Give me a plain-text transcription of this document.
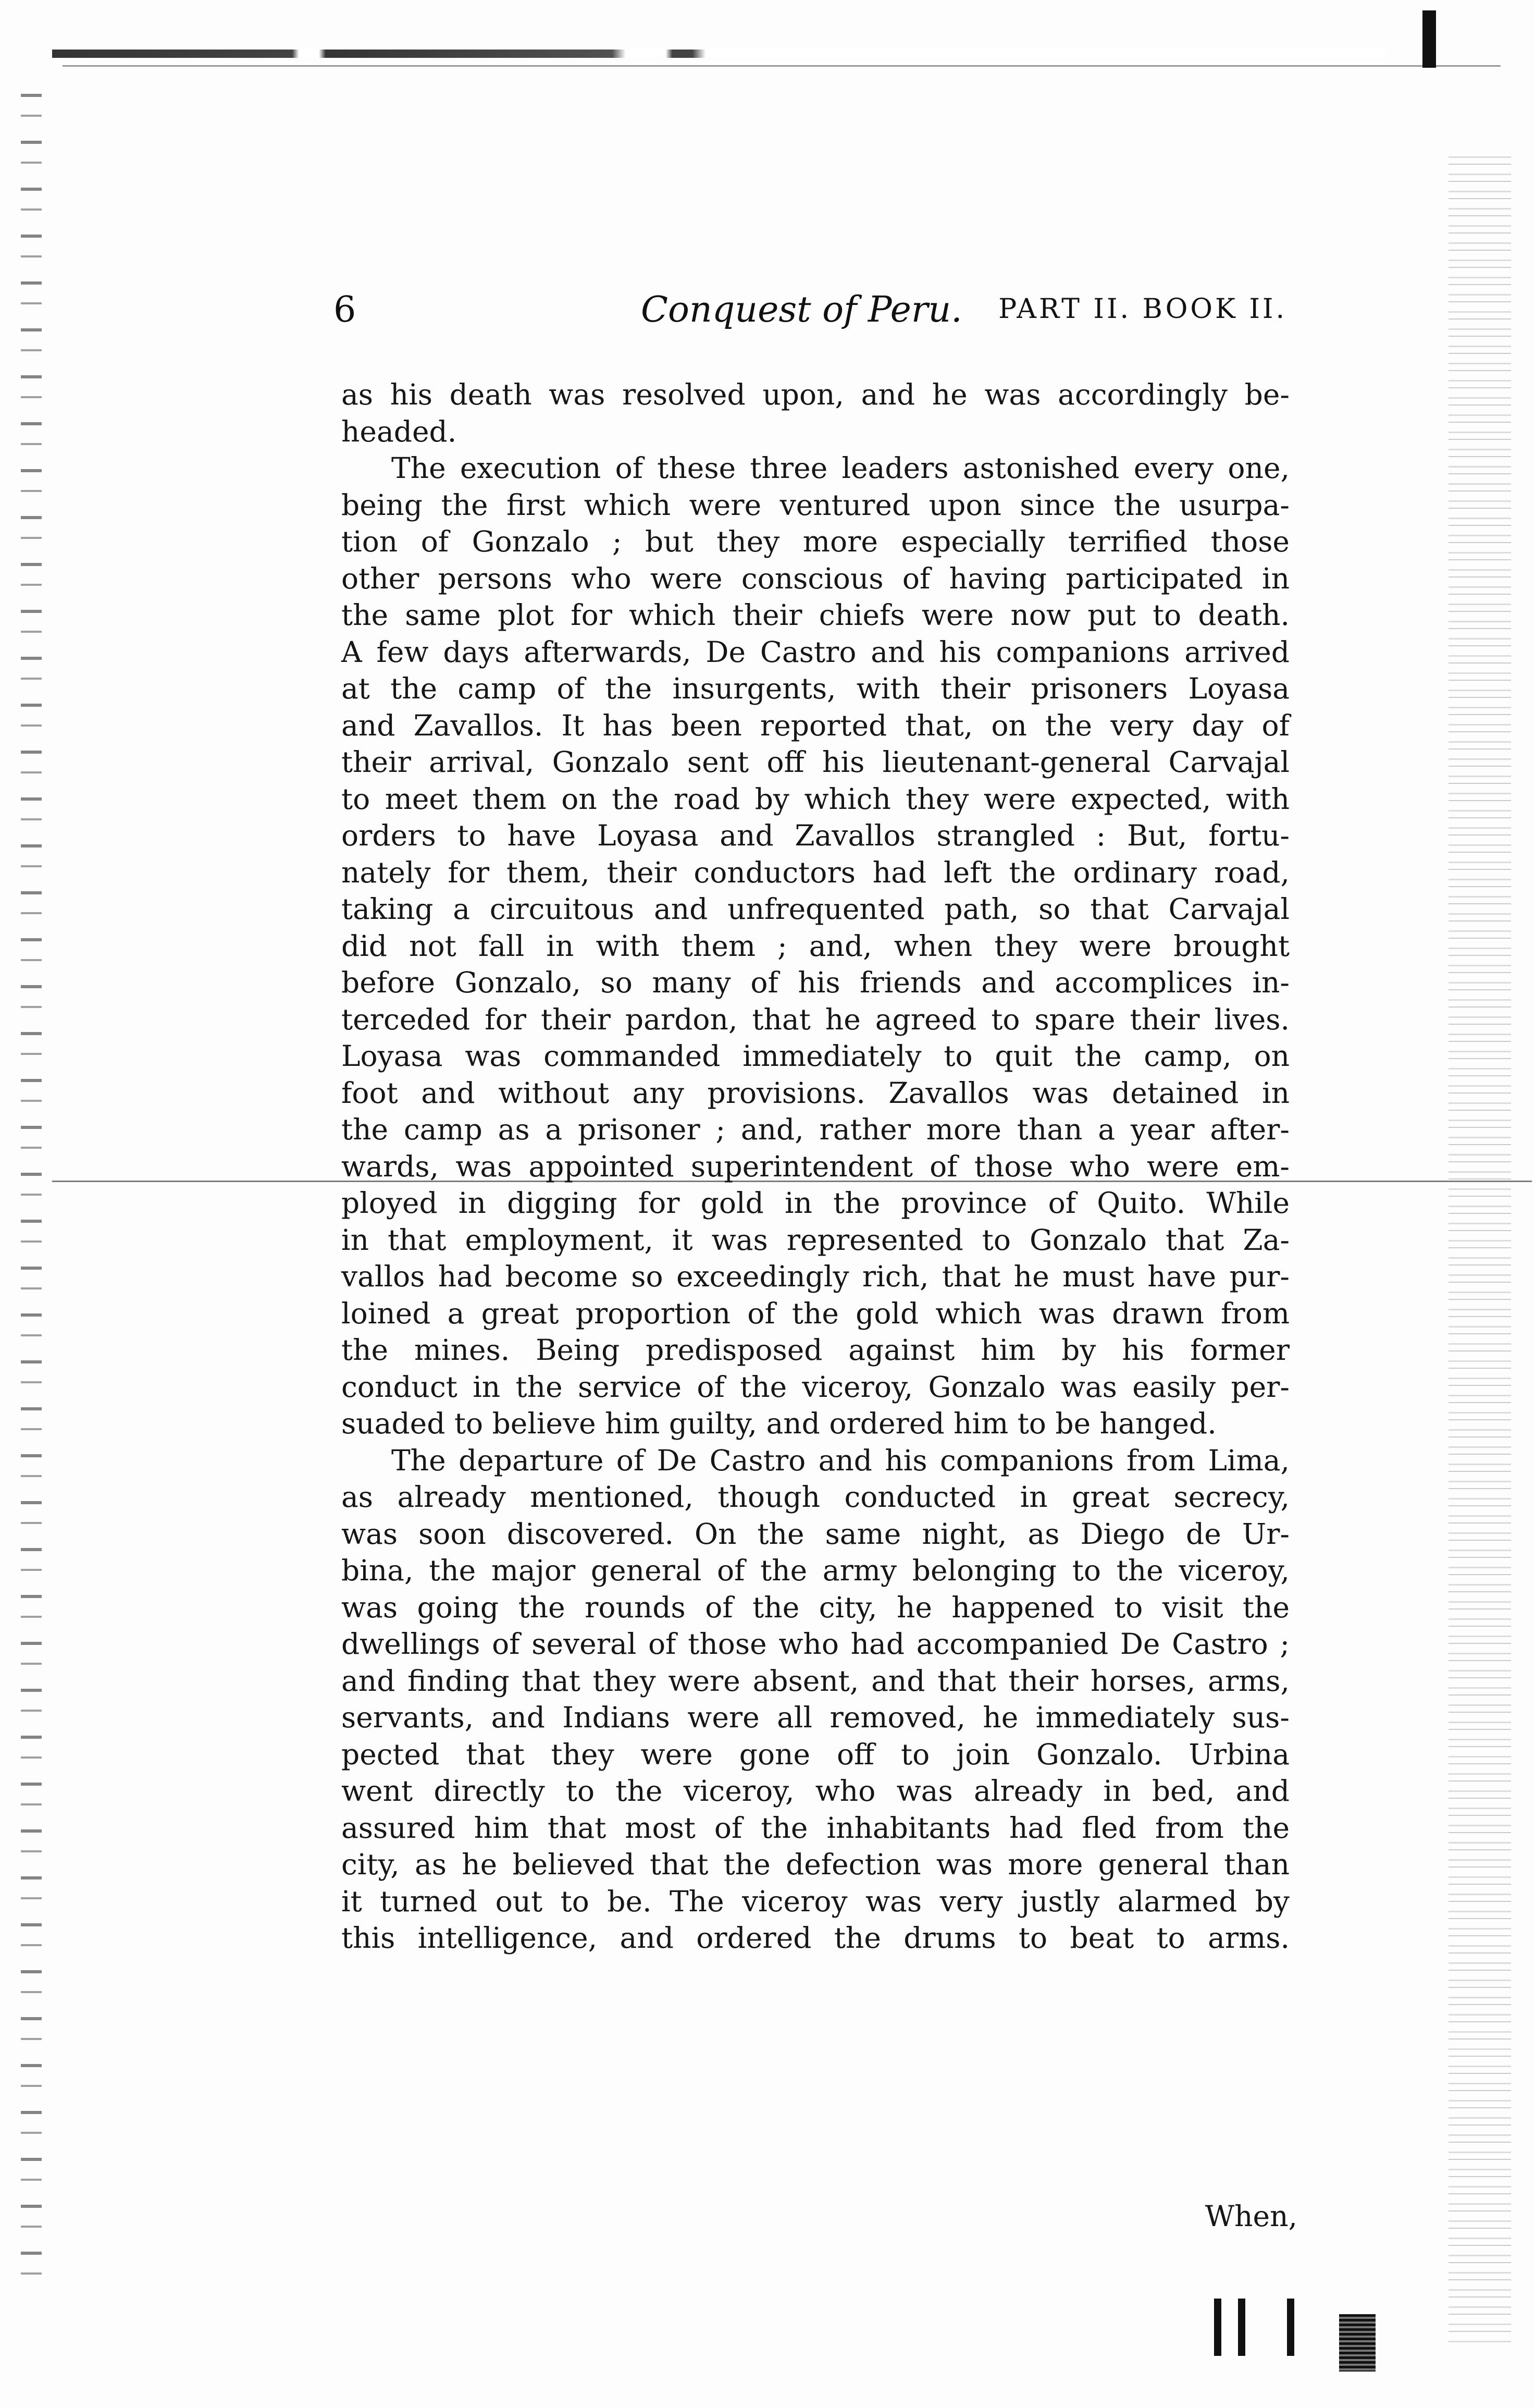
6	Conquest of Peru. PART II. BOOK II.
as his death was resolved upon, and he was accordingly be-
headed.
The execution of these three leaders astonished every one,
being the first which were ventured upon since the usurpa-
tion of Gonzalo ; but they more especially terrified those
other persons who were conscious of having participated in
the same plot for which their chiefs were now put to death.
A few days afterwards, De Castro and his companions arrived
at the camp of the insurgents, with their prisoners Loyasa
and Zavallos. It has been reported that, on the very day of
their arrival, Gonzalo sent off his lieutenant-general Carvajal
to meet them on the road by which they were expected, with
orders to have Loyasa and Zavallos strangled : But, fortu-
nately for them, their conductors had left the ordinary road,
taking a circuitous and unfrequented path, so that Carvajal
did not fall in with them ; and, when they were brought
before Gonzalo, so many of his friends and accomplices in-
terceded for their pardon, that he agreed to spare their lives.
Loyasa was commanded immediately to quit the camp, on
foot and without any provisions. Zavallos was detained in
the camp as a prisoner ; and, rather more than a year after-
wards, was appointed superintendent of those who were em-
ployed in digging for gold in the province of Quito. While
in that employment, it was represented to Gonzalo that Za-
vallos had become so exceedingly rich, that he must have pur-
loined a great proportion of the gold which was drawn from
the mines. Being predisposed against him by his former
conduct in the service of the viceroy, Gonzalo was easily per-
suaded to believe him guilty, and ordered him to be hanged.
The departure of De Castro and his companions from Lima,
as already mentioned, though conducted in great secrecy,
was soon discovered. On the same night, as Diego de Ur-
bina, the major general of the army belonging to the viceroy,
was going the rounds of the city, he happened to visit the
dwellings of several of those who had accompanied De Castro ;
and finding that they were absent, and that their horses, arms,
servants, and Indians were all removed, he immediately sus-
pected that they were gone off to join Gonzalo. Urbina
went directly to the viceroy, who was already in bed, and
assured him that most of the inhabitants had fled from the
city, as he believed that the defection was more general than
it turned out to be. The viceroy was very justly alarmed by
this intelligence, and ordered the drums to beat to arms.
When,
